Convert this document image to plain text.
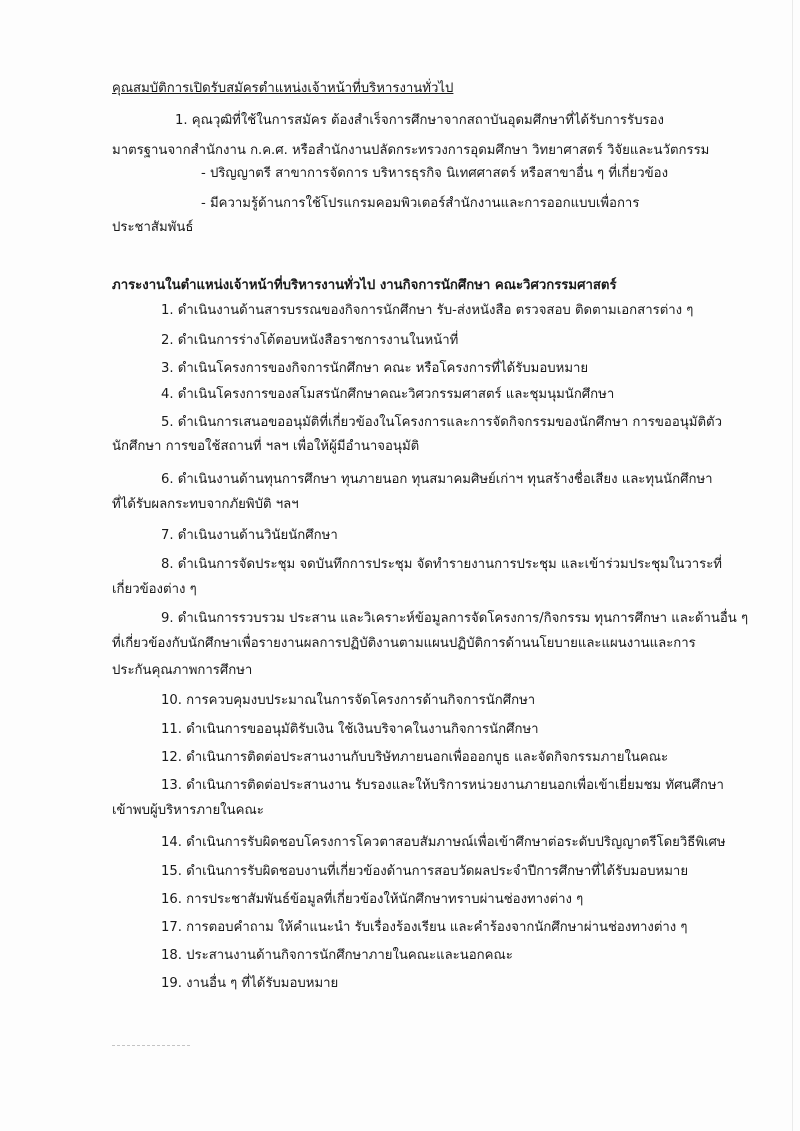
คุณสมบัติการเปิดรับสมัครตำแหน่งเจ้าหน้าที่บริหารงานทั่วไป
1. คุณวุฒิที่ใช้ในการสมัคร ต้องสำเร็จการศึกษาจากสถาบันอุดมศึกษาที่ได้รับการรับรอง
มาตรฐานจากสำนักงาน ก.ค.ศ. หรือสำนักงานปลัดกระทรวงการอุดมศึกษา วิทยาศาสตร์ วิจัยและนวัตกรรม
- ปริญญาตรี สาขาการจัดการ บริหารธุรกิจ นิเทศศาสตร์ หรือสาขาอื่น ๆ ที่เกี่ยวข้อง
- มีความรู้ด้านการใช้โปรแกรมคอมพิวเตอร์สำนักงานและการออกแบบเพื่อการ
ประชาสัมพันธ์
ภาระงานในตำแหน่งเจ้าหน้าที่บริหารงานทั่วไป งานกิจการนักศึกษา คณะวิศวกรรมศาสตร์
1. ดำเนินงานด้านสารบรรณของกิจการนักศึกษา รับ-ส่งหนังสือ ตรวจสอบ ติดตามเอกสารต่าง ๆ
2. ดำเนินการร่างโต้ตอบหนังสือราชการงานในหน้าที่
3. ดำเนินโครงการของกิจการนักศึกษา คณะ หรือโครงการที่ได้รับมอบหมาย
4. ดำเนินโครงการของสโมสรนักศึกษาคณะวิศวกรรมศาสตร์ และชุมนุมนักศึกษา
5. ดำเนินการเสนอขออนุมัติที่เกี่ยวข้องในโครงการและการจัดกิจกรรมของนักศึกษา การขออนุมัติตัว
นักศึกษา การขอใช้สถานที่ ฯลฯ เพื่อให้ผู้มีอำนาจอนุมัติ
6. ดำเนินงานด้านทุนการศึกษา ทุนภายนอก ทุนสมาคมศิษย์เก่าฯ ทุนสร้างชื่อเสียง และทุนนักศึกษา
ที่ได้รับผลกระทบจากภัยพิบัติ ฯลฯ
7. ดำเนินงานด้านวินัยนักศึกษา
8. ดำเนินการจัดประชุม จดบันทึกการประชุม จัดทำรายงานการประชุม และเข้าร่วมประชุมในวาระที่
เกี่ยวข้องต่าง ๆ
9. ดำเนินการรวบรวม ประสาน และวิเคราะห์ข้อมูลการจัดโครงการ/กิจกรรม ทุนการศึกษา และด้านอื่น ๆ
ที่เกี่ยวข้องกับนักศึกษาเพื่อรายงานผลการปฏิบัติงานตามแผนปฏิบัติการด้านนโยบายและแผนงานและการ
ประกันคุณภาพการศึกษา
10. การควบคุมงบประมาณในการจัดโครงการด้านกิจการนักศึกษา
11. ดำเนินการขออนุมัติรับเงิน ใช้เงินบริจาคในงานกิจการนักศึกษา
12. ดำเนินการติดต่อประสานงานกับบริษัทภายนอกเพื่อออกบูธ และจัดกิจกรรมภายในคณะ
13. ดำเนินการติดต่อประสานงาน รับรองและให้บริการหน่วยงานภายนอกเพื่อเข้าเยี่ยมชม ทัศนศึกษา
เข้าพบผู้บริหารภายในคณะ
14. ดำเนินการรับผิดชอบโครงการโควตาสอบสัมภาษณ์เพื่อเข้าศึกษาต่อระดับปริญญาตรีโดยวิธีพิเศษ
15. ดำเนินการรับผิดชอบงานที่เกี่ยวข้องด้านการสอบวัดผลประจำปีการศึกษาที่ได้รับมอบหมาย
16. การประชาสัมพันธ์ข้อมูลที่เกี่ยวข้องให้นักศึกษาทราบผ่านช่องทางต่าง ๆ
17. การตอบคำถาม ให้คำแนะนำ รับเรื่องร้องเรียน และคำร้องจากนักศึกษาผ่านช่องทางต่าง ๆ
18. ประสานงานด้านกิจการนักศึกษาภายในคณะและนอกคณะ
19. งานอื่น ๆ ที่ได้รับมอบหมาย
